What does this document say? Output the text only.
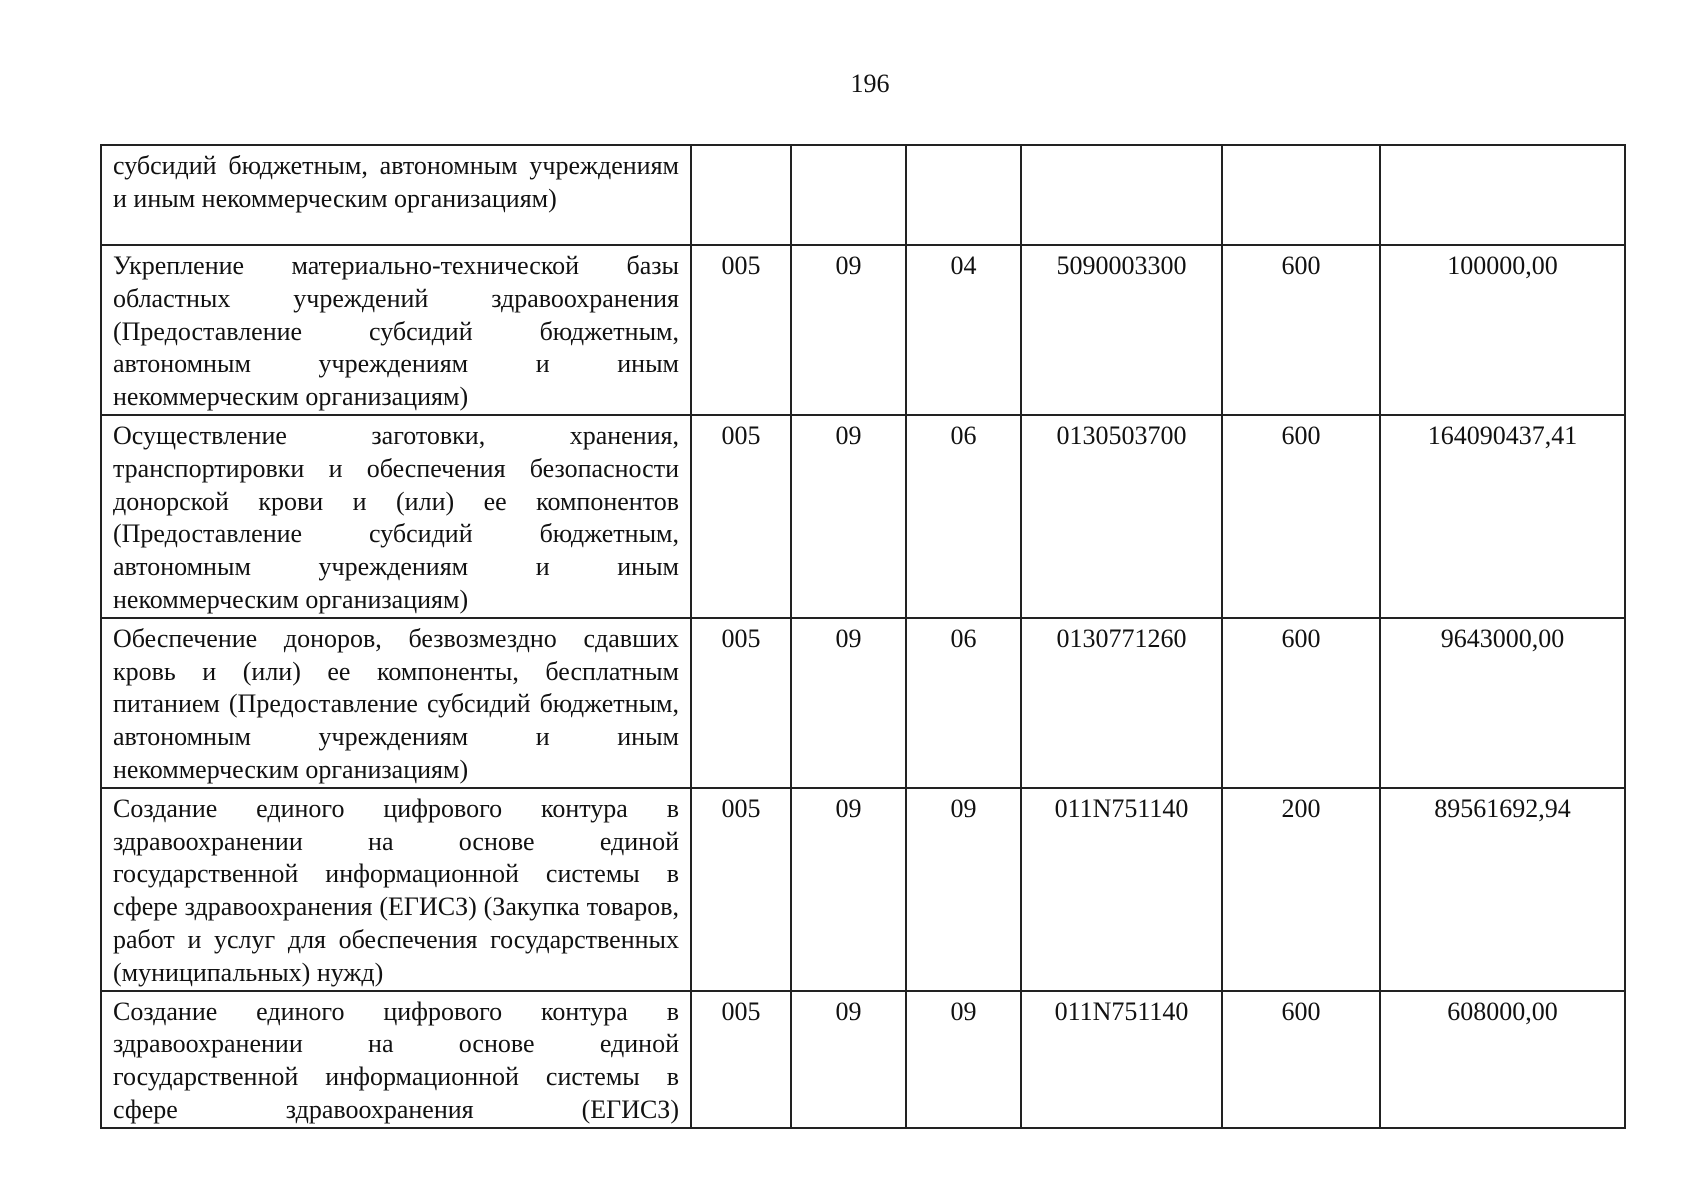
196
субсидий бюджетным, автономным учреждениям и иным некоммерческим организациям)						
Укрепление материально-технической базы областных учреждений здравоохранения (Предоставление субсидий бюджетным, автономным учреждениям и иным некоммерческим организациям)	005	09	04	5090003300	600	100000,00
Осуществление заготовки, хранения, транспортировки и обеспечения безопасности донорской крови и (или) ее компонентов (Предоставление субсидий бюджетным, автономным учреждениям и иным некоммерческим организациям)	005	09	06	0130503700	600	164090437,41
Обеспечение доноров, безвозмездно сдавших кровь и (или) ее компоненты, бесплатным питанием (Предоставление субсидий бюджетным, автономным учреждениям и иным некоммерческим организациям)	005	09	06	0130771260	600	9643000,00
Создание единого цифрового контура в здравоохранении на основе единой государственной информационной системы в сфере здравоохранения (ЕГИСЗ) (Закупка товаров, работ и услуг для обеспечения государственных (муниципальных) нужд)	005	09	09	011N751140	200	89561692,94
Создание единого цифрового контура в здравоохранении на основе единой государственной информационной системы в сфере здравоохранения (ЕГИСЗ)	005	09	09	011N751140	600	608000,00
